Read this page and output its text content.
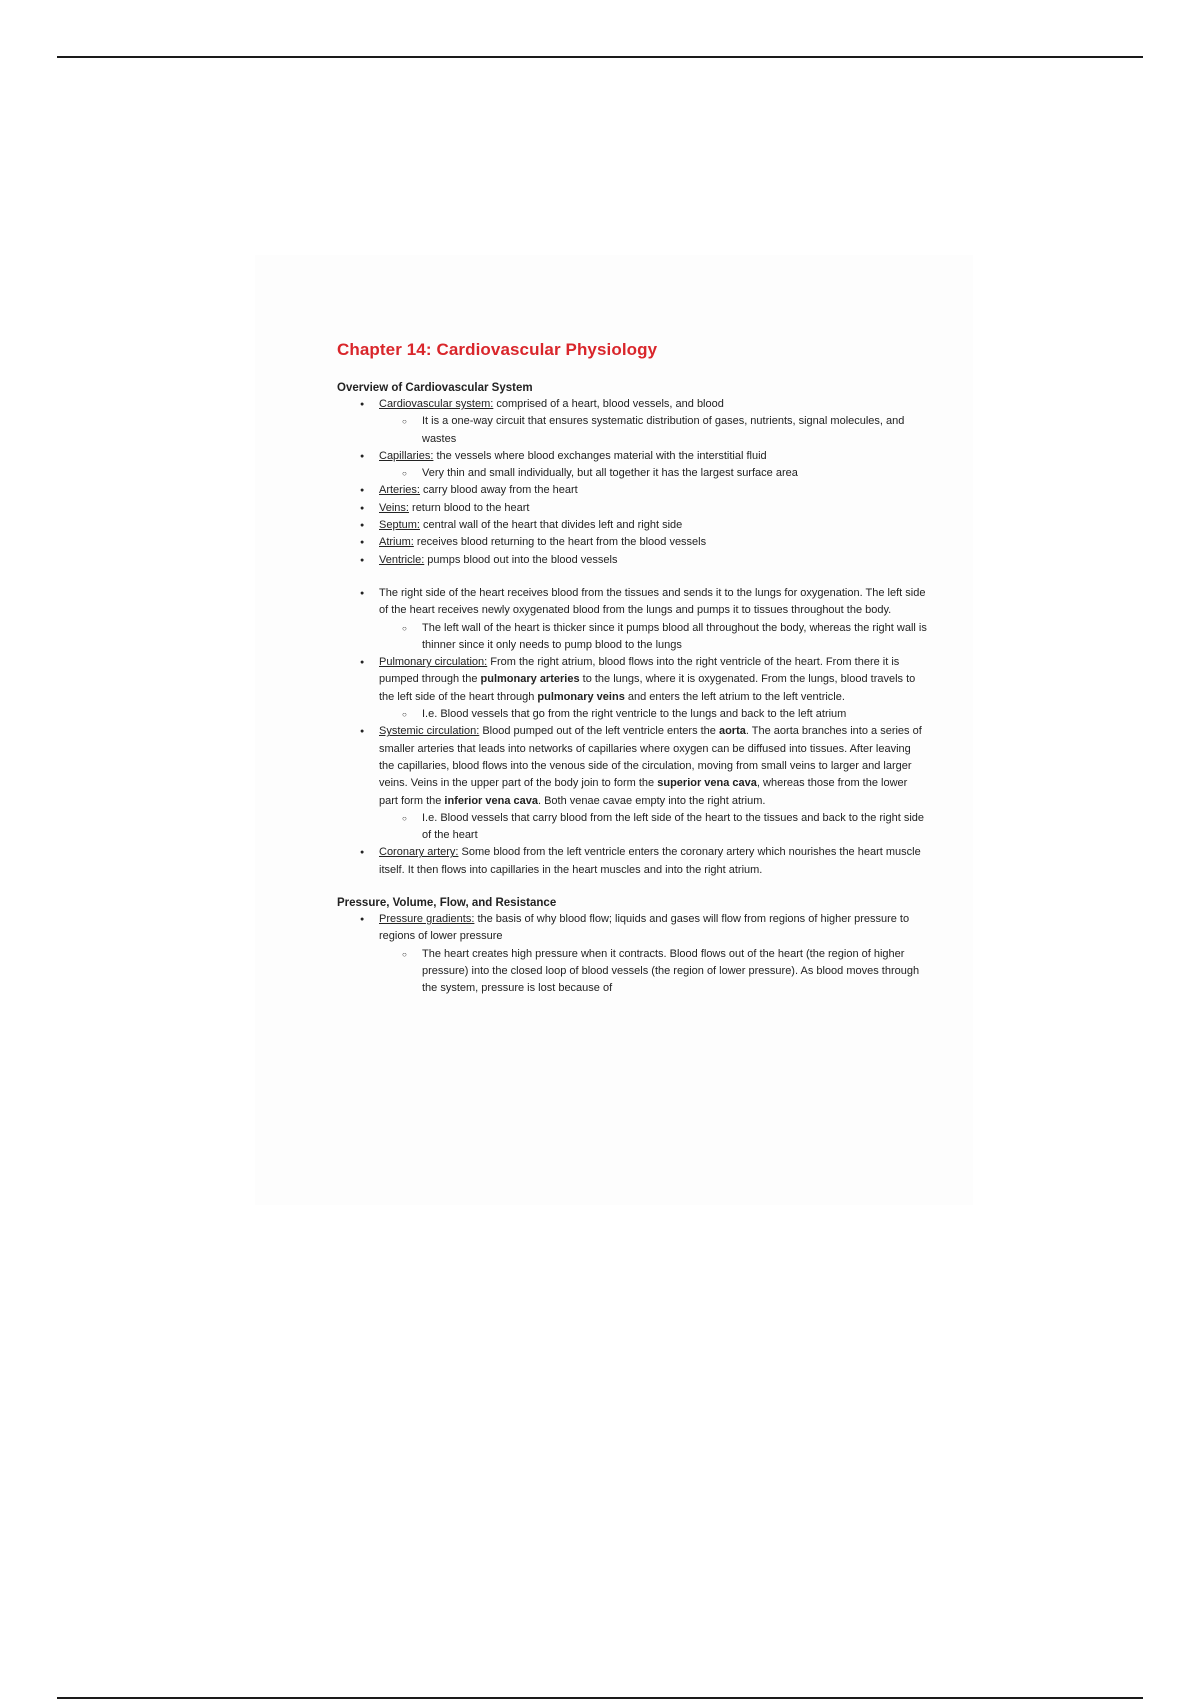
Chapter 14: Cardiovascular Physiology
Overview of Cardiovascular System
● Cardiovascular system: comprised of a heart, blood vessels, and blood
○ It is a one-way circuit that ensures systematic distribution of gases, nutrients, signal molecules, and wastes
● Capillaries: the vessels where blood exchanges material with the interstitial fluid
○ Very thin and small individually, but all together it has the largest surface area
● Arteries: carry blood away from the heart
● Veins: return blood to the heart
● Septum: central wall of the heart that divides left and right side
● Atrium: receives blood returning to the heart from the blood vessels
● Ventricle: pumps blood out into the blood vessels
● The right side of the heart receives blood from the tissues and sends it to the lungs for oxygenation. The left side of the heart receives newly oxygenated blood from the lungs and pumps it to tissues throughout the body.
○ The left wall of the heart is thicker since it pumps blood all throughout the body, whereas the right wall is thinner since it only needs to pump blood to the lungs
● Pulmonary circulation: From the right atrium, blood flows into the right ventricle of the heart. From there it is pumped through the pulmonary arteries to the lungs, where it is oxygenated. From the lungs, blood travels to the left side of the heart through pulmonary veins and enters the left atrium to the left ventricle.
○ I.e. Blood vessels that go from the right ventricle to the lungs and back to the left atrium
● Systemic circulation: Blood pumped out of the left ventricle enters the aorta. The aorta branches into a series of smaller arteries that leads into networks of capillaries where oxygen can be diffused into tissues. After leaving the capillaries, blood flows into the venous side of the circulation, moving from small veins to larger and larger veins. Veins in the upper part of the body join to form the superior vena cava, whereas those from the lower part form the inferior vena cava. Both venae cavae empty into the right atrium.
○ I.e. Blood vessels that carry blood from the left side of the heart to the tissues and back to the right side of the heart
● Coronary artery: Some blood from the left ventricle enters the coronary artery which nourishes the heart muscle itself. It then flows into capillaries in the heart muscles and into the right atrium.
Pressure, Volume, Flow, and Resistance
● Pressure gradients: the basis of why blood flow; liquids and gases will flow from regions of higher pressure to regions of lower pressure
○ The heart creates high pressure when it contracts. Blood flows out of the heart (the region of higher pressure) into the closed loop of blood vessels (the region of lower pressure). As blood moves through the system, pressure is lost because of
